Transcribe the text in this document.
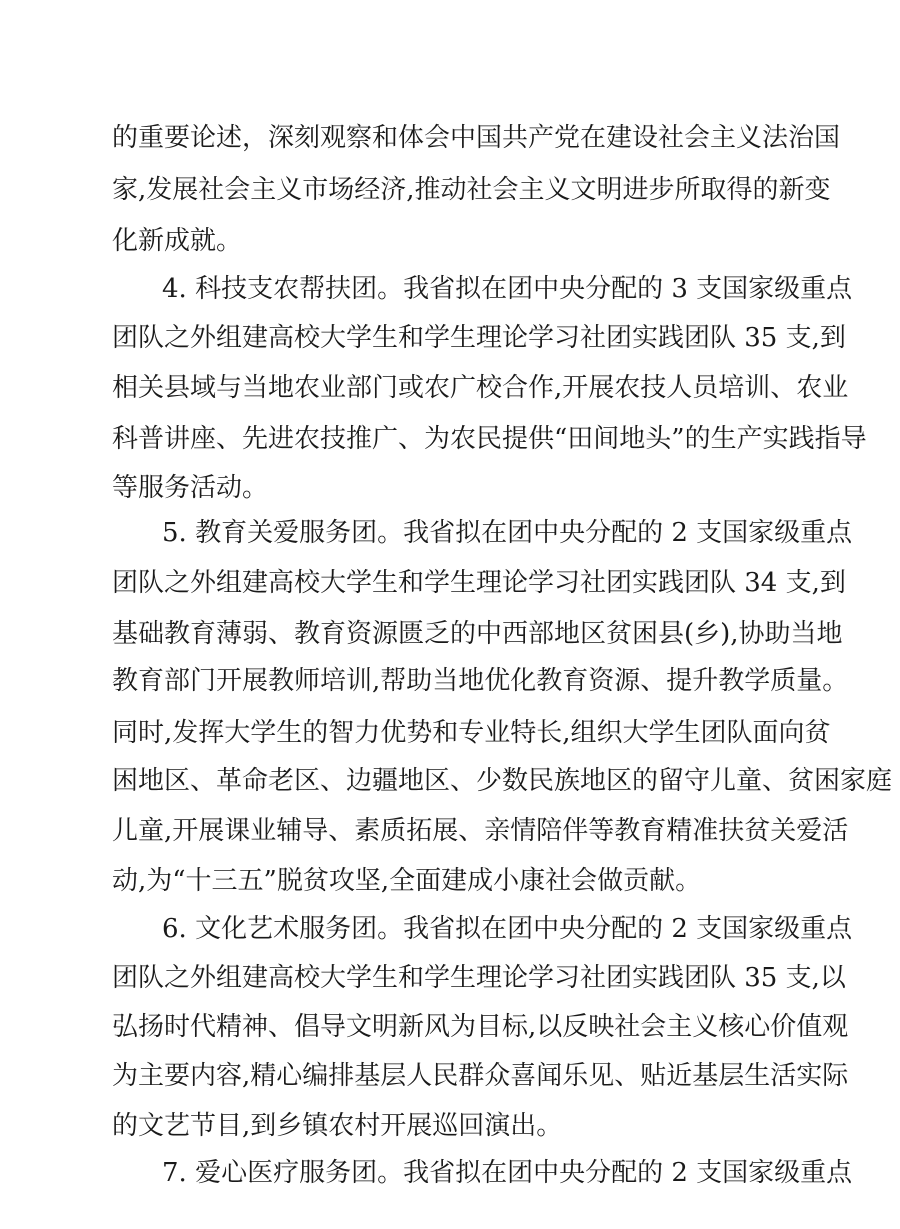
的重要论述，深刻观察和体会中国共产党在建设社会主义法治国
家,发展社会主义市场经济,推动社会主义文明进步所取得的新变
化新成就。
4. 科技支农帮扶团。我省拟在团中央分配的 3 支国家级重点
团队之外组建高校大学生和学生理论学习社团实践团队 35 支,到
相关县域与当地农业部门或农广校合作,开展农技人员培训、农业
科普讲座、先进农技推广、为农民提供“田间地头”的生产实践指导
等服务活动。
5. 教育关爱服务团。我省拟在团中央分配的 2 支国家级重点
团队之外组建高校大学生和学生理论学习社团实践团队 34 支,到
基础教育薄弱、教育资源匮乏的中西部地区贫困县(乡),协助当地
教育部门开展教师培训,帮助当地优化教育资源、提升教学质量。
同时,发挥大学生的智力优势和专业特长,组织大学生团队面向贫
困地区、革命老区、边疆地区、少数民族地区的留守儿童、贫困家庭
儿童,开展课业辅导、素质拓展、亲情陪伴等教育精准扶贫关爱活
动,为“十三五”脱贫攻坚,全面建成小康社会做贡献。
6. 文化艺术服务团。我省拟在团中央分配的 2 支国家级重点
团队之外组建高校大学生和学生理论学习社团实践团队 35 支,以
弘扬时代精神、倡导文明新风为目标,以反映社会主义核心价值观
为主要内容,精心编排基层人民群众喜闻乐见、贴近基层生活实际
的文艺节目,到乡镇农村开展巡回演出。
7. 爱心医疗服务团。我省拟在团中央分配的 2 支国家级重点
